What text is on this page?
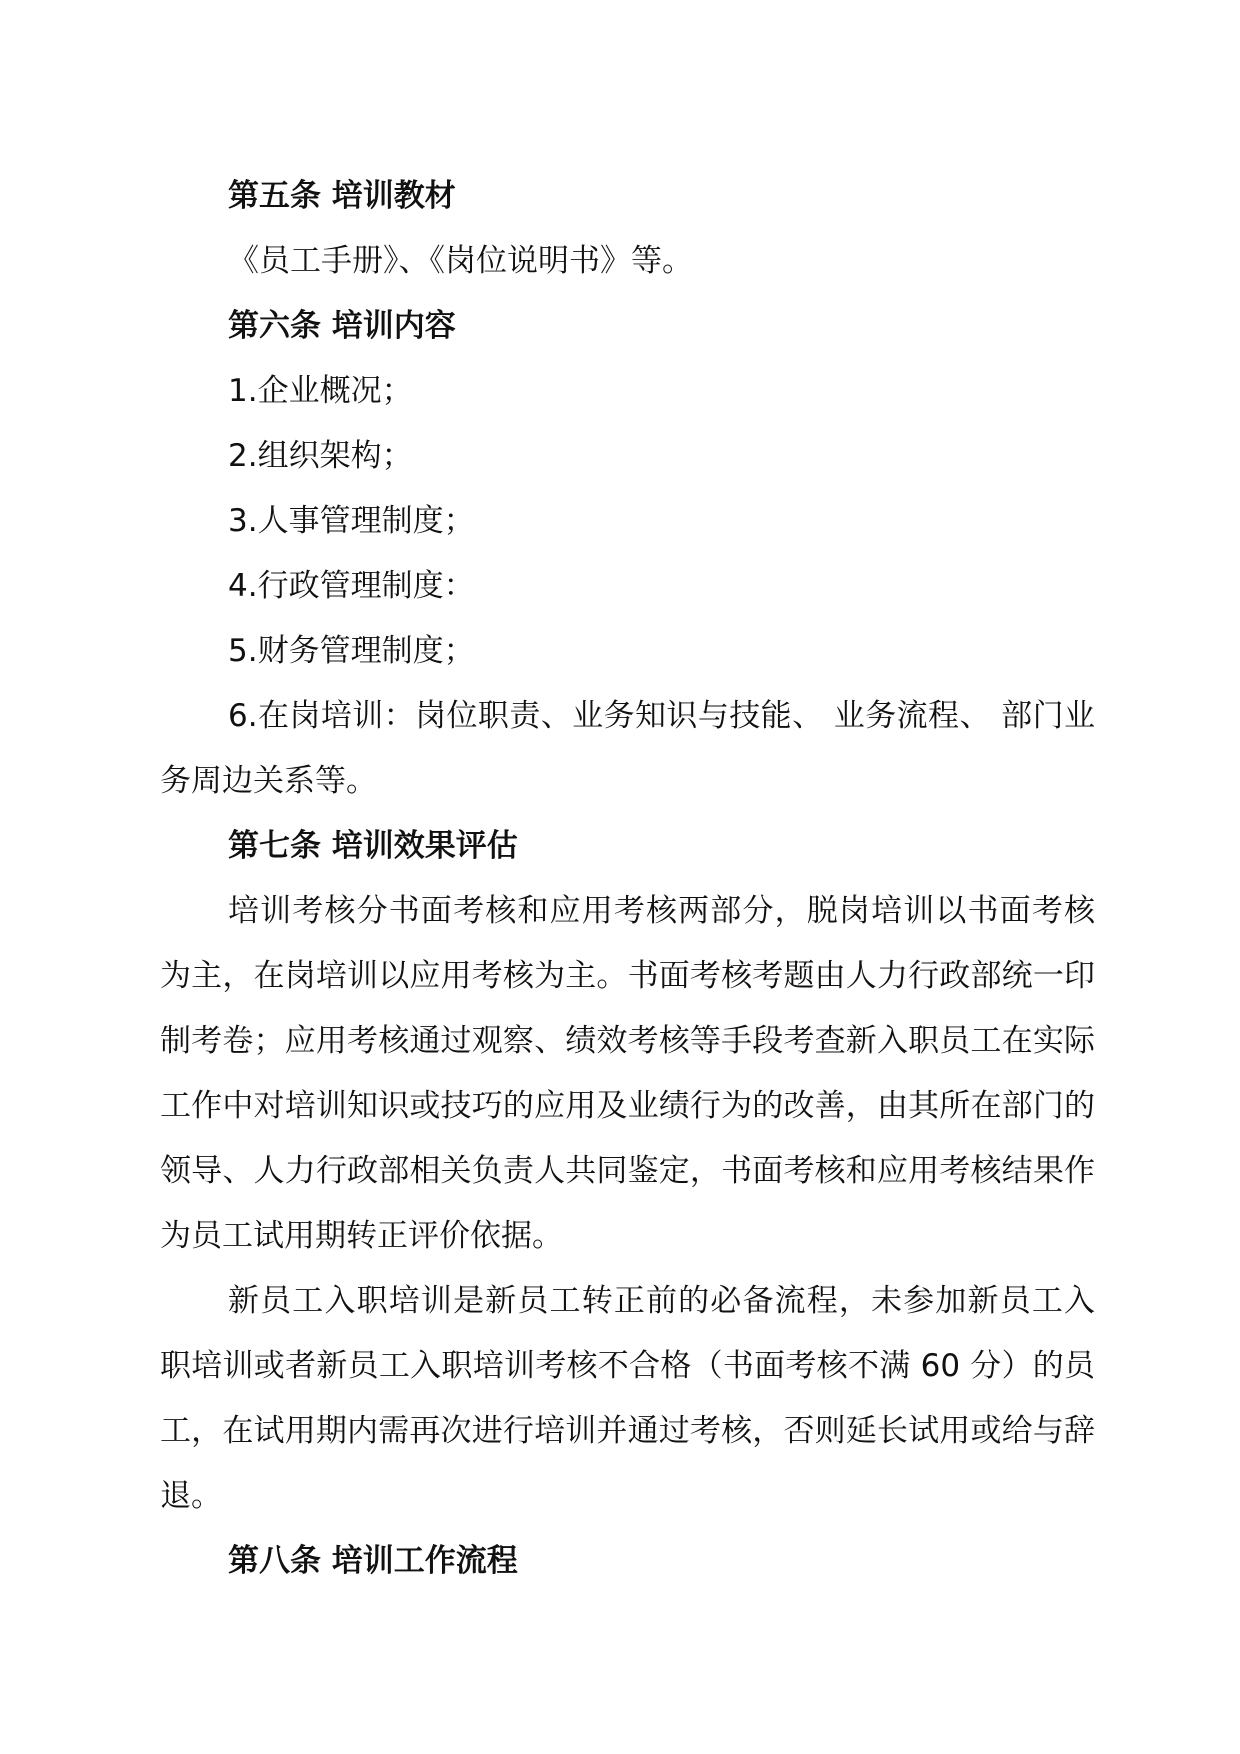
第五条 培训教材

《员工手册》、《岗位说明书》等。

第六条 培训内容

1.企业概况；

2.组织架构；

3.人事管理制度；

4.行政管理制度：

5.财务管理制度；

6.在岗培训：岗位职责、业务知识与技能、 业务流程、 部门业务周边关系等。

第七条 培训效果评估

培训考核分书面考核和应用考核两部分，脱岗培训以书面考核为主，在岗培训以应用考核为主。书面考核考题由人力行政部统一印制考卷；应用考核通过观察、绩效考核等手段考查新入职员工在实际工作中对培训知识或技巧的应用及业绩行为的改善，由其所在部门的领导、人力行政部相关负责人共同鉴定，书面考核和应用考核结果作为员工试用期转正评价依据。

新员工入职培训是新员工转正前的必备流程，未参加新员工入职培训或者新员工入职培训考核不合格（书面考核不满 60 分）的员工，在试用期内需再次进行培训并通过考核，否则延长试用或给与辞退。

第八条 培训工作流程
